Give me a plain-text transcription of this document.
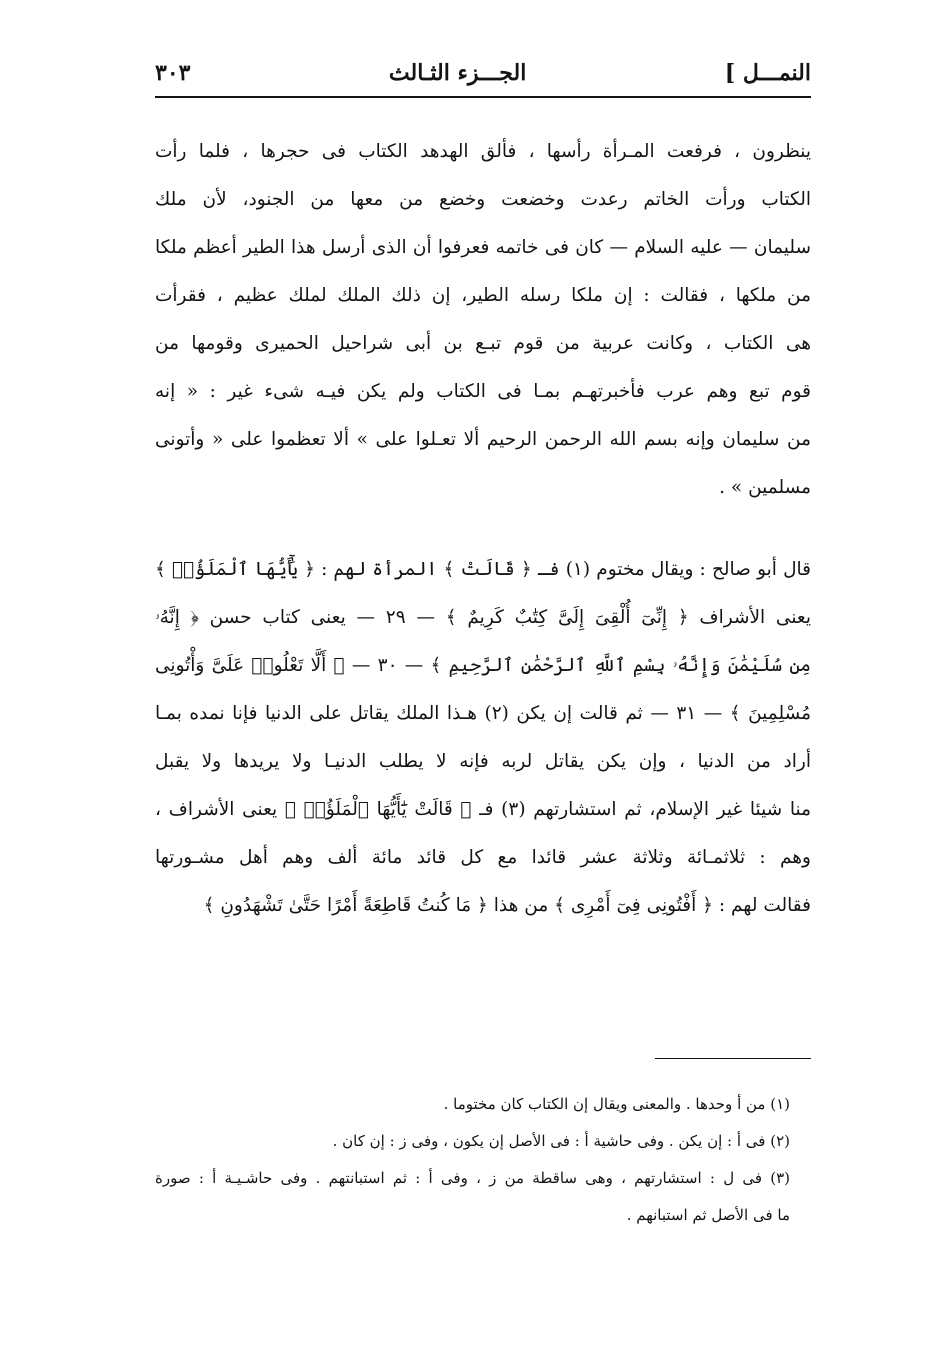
النمـــل ]
الجـــزء الثـالث
٣٠٣

ينظرون ، فرفعت المـرأة رأسها ، فألق الهدهد الكتاب فى حجرها ، فلما رأت

الكتاب ورأت الخاتم رعدت وخضعت وخضع من معها من الجنود، لأن ملك

سليمان — عليه السلام — كان فى خاتمه فعرفوا أن الذى أرسل هذا الطير أعظم ملكا

من ملكها ، فقالت : إن ملكا رسله الطير، إن ذلك الملك لملك عظيم ، فقرأت

هى الكتاب ، وكانت عربية من قوم تبـع بن أبى شراحيل الحميرى وقومها من

قوم تبع وهم عرب فأخبرتهـم بمـا فى الكتاب ولم يكن فيـه شىء غير : « إنه

من سليمان وإنه بسم الله الرحمن الرحيم ألا تعـلوا على » ألا تعظموا على « وأتونى

مسلمين » .

قال أبو صالح : ويقال مختوم (١) فـ ﴿ قَالَتْ ﴾ المرأة لهم : ﴿ يَٰٓأَيُّهَا ٱلْمَلَؤُا۟ ﴾

يعنى الأشراف ﴿ إِنِّىٓ أُلْقِىَ إِلَىَّ كِتَٰبٌ كَرِيمٌ ﴾ — ٢٩ — يعنى كتاب حسن ﴿ إِنَّهُۥ

مِن سُلَيْمَٰنَ وَإِنَّهُۥ بِسْمِ ٱللَّهِ ٱلرَّحْمَٰنِ ٱلرَّحِيمِ ﴾ — ٣٠ — ﴿ أَلَّا تَعْلُوا۟ عَلَىَّ وَأْتُونِى

مُسْلِمِينَ ﴾ — ٣١ — ثم قالت إن يكن (٢) هـذا الملك يقاتل على الدنيا فإنا نمده بمـا

أراد من الدنيا ، وإن يكن يقاتل لربه فإنه لا يطلب الدنيـا ولا يريدها ولا يقبل

منا شيئا غير الإسلام، ثم استشارتهم (٣) فـ ﴿ قَالَتْ يَٰٓأَيُّهَا ٱلْمَلَؤُا۟ ﴾ يعنى الأشراف ،

وهم : ثلاثمـائة وثلاثة عشر قائدا مع كل قائد مائة ألف وهم أهل مشـورتها

فقالت لهم : ﴿ أَفْتُونِى فِىٓ أَمْرِى ﴾ من هذا ﴿ مَا كُنتُ قَاطِعَةً أَمْرًا حَتَّىٰ تَشْهَدُونِ ﴾

(١) من أ وحدها . والمعنى ويقال إن الكتاب كان مختوما .

(٢) فى أ : إن يكن . وفى حاشية أ : فى الأصل إن يكون ، وفى ز : إن كان .

(٣) فى ل : استشارتهم ، وهى ساقطة من ز ، وفى أ : ثم استبانتهم . وفى حاشـيـة أ : صورة

ما فى الأصل ثم استبانهم .
